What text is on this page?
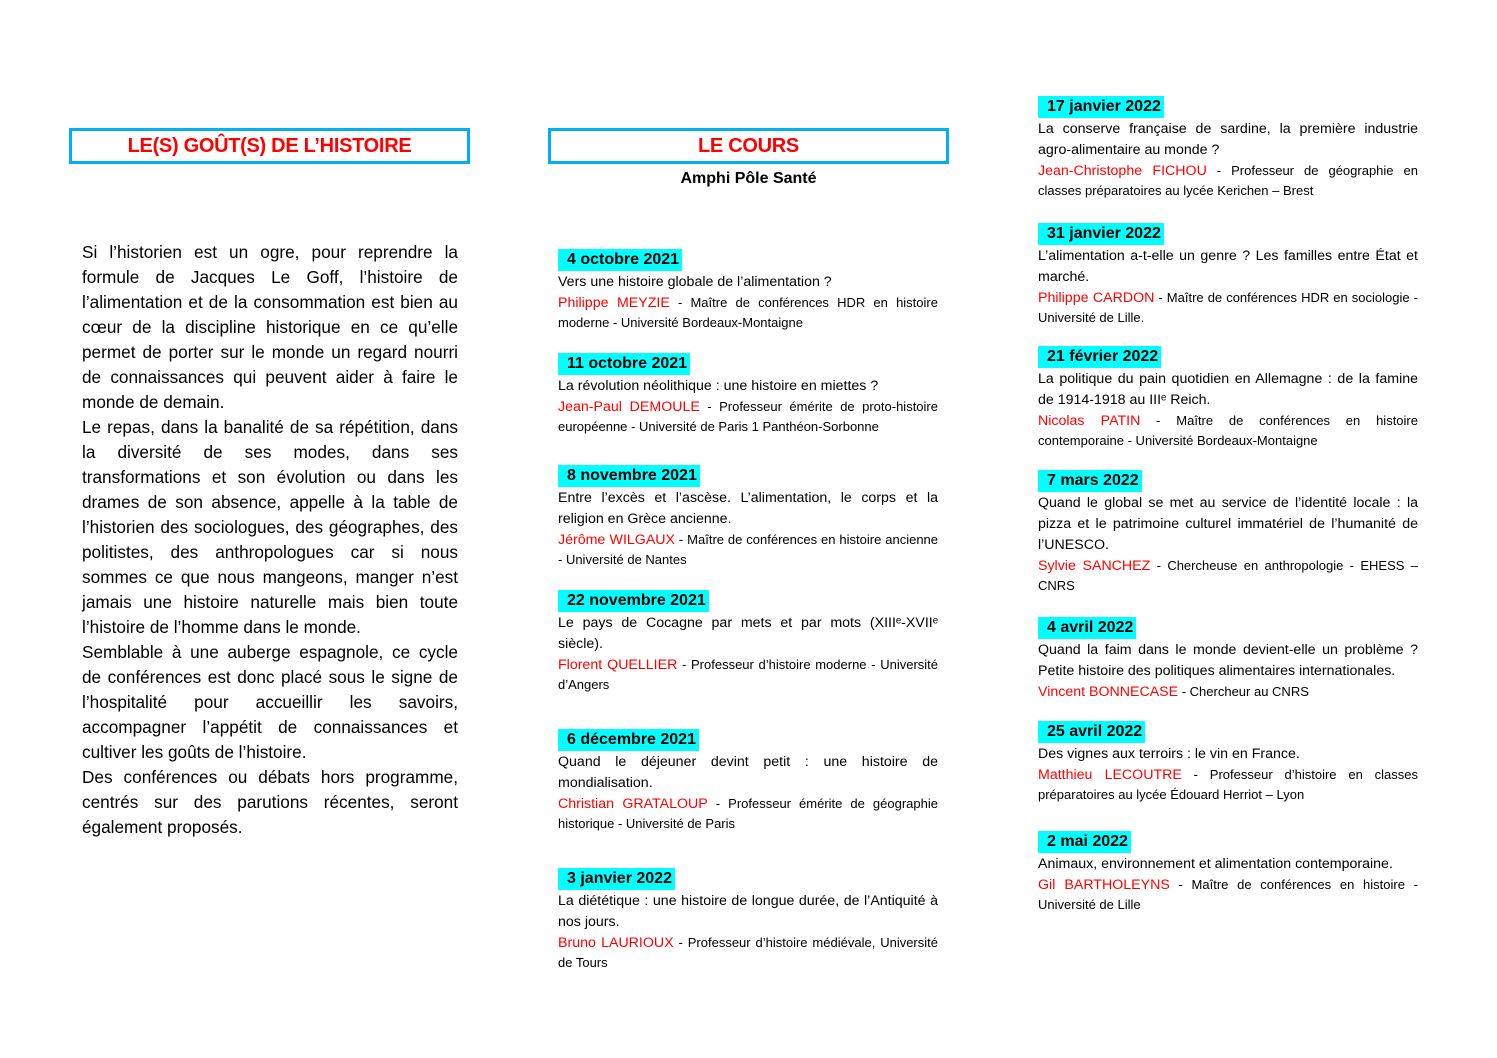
LE(S) GOÛT(S) DE L’HISTOIRE

Si l’historien est un ogre, pour reprendre la formule de Jacques Le Goff, l’histoire de l’alimentation et de la consommation est bien au cœur de la discipline historique en ce qu’elle permet de porter sur le monde un regard nourri de connaissances qui peuvent aider à faire le monde de demain.

Le repas, dans la banalité de sa répétition, dans la diversité de ses modes, dans ses transformations et son évolution ou dans les drames de son absence, appelle à la table de l’historien des sociologues, des géographes, des politistes, des anthropologues car si nous sommes ce que nous mangeons, manger n’est jamais une histoire naturelle mais bien toute l’histoire de l’homme dans le monde.

Semblable à une auberge espagnole, ce cycle de conférences est donc placé sous le signe de l’hospitalité pour accueillir les savoirs, accompagner l’appétit de connaissances et cultiver les goûts de l’histoire.

Des conférences ou débats hors programme, centrés sur des parutions récentes, seront également proposés.

LE COURS
Amphi Pôle Santé
4 octobre 2021

Vers une histoire globale de l’alimentation ?

Philippe MEYZIE - Maître de conférences HDR en histoire moderne - Université Bordeaux-Montaigne

11 octobre 2021

La révolution néolithique : une histoire en miettes ?

Jean-Paul DEMOULE - Professeur émérite de proto-histoire européenne - Université de Paris 1 Panthéon-Sorbonne

8 novembre 2021

Entre l’excès et l’ascèse. L’alimentation, le corps et la religion en Grèce ancienne.

Jérôme WILGAUX - Maître de conférences en histoire ancienne - Université de Nantes

22 novembre 2021

Le pays de Cocagne par mets et par mots (XIIIᵉ-XVIIᵉ siècle).

Florent QUELLIER - Professeur d’histoire moderne - Université d’Angers

6 décembre 2021

Quand le déjeuner devint petit : une histoire de mondialisation.

Christian GRATALOUP - Professeur émérite de géographie historique - Université de Paris

3 janvier 2022

La diététique : une histoire de longue durée, de l’Antiquité à nos jours.

Bruno LAURIOUX - Professeur d’histoire médiévale, Université de Tours

17 janvier 2022

La conserve française de sardine, la première industrie agro-alimentaire au monde ?

Jean-Christophe FICHOU - Professeur de géographie en classes préparatoires au lycée Kerichen – Brest

31 janvier 2022

L’alimentation a-t-elle un genre ? Les familles entre État et marché.

Philippe CARDON - Maître de conférences HDR en sociologie - Université de Lille.

21 février 2022

La politique du pain quotidien en Allemagne : de la famine de 1914-1918 au IIIᵉ Reich.

Nicolas PATIN - Maître de conférences en histoire contemporaine - Université Bordeaux-Montaigne

7 mars 2022

Quand le global se met au service de l’identité locale : la pizza et le patrimoine culturel immatériel de l’humanité de l’UNESCO.

Sylvie SANCHEZ - Chercheuse en anthropologie - EHESS – CNRS

4 avril 2022

Quand la faim dans le monde devient-elle un problème ? Petite histoire des politiques alimentaires internationales.

Vincent BONNECASE - Chercheur au CNRS

25 avril 2022

Des vignes aux terroirs : le vin en France.

Matthieu LECOUTRE - Professeur d’histoire en classes préparatoires au lycée Édouard Herriot – Lyon

2 mai 2022

Animaux, environnement et alimentation contemporaine.

Gil BARTHOLEYNS - Maître de conférences en histoire - Université de Lille
